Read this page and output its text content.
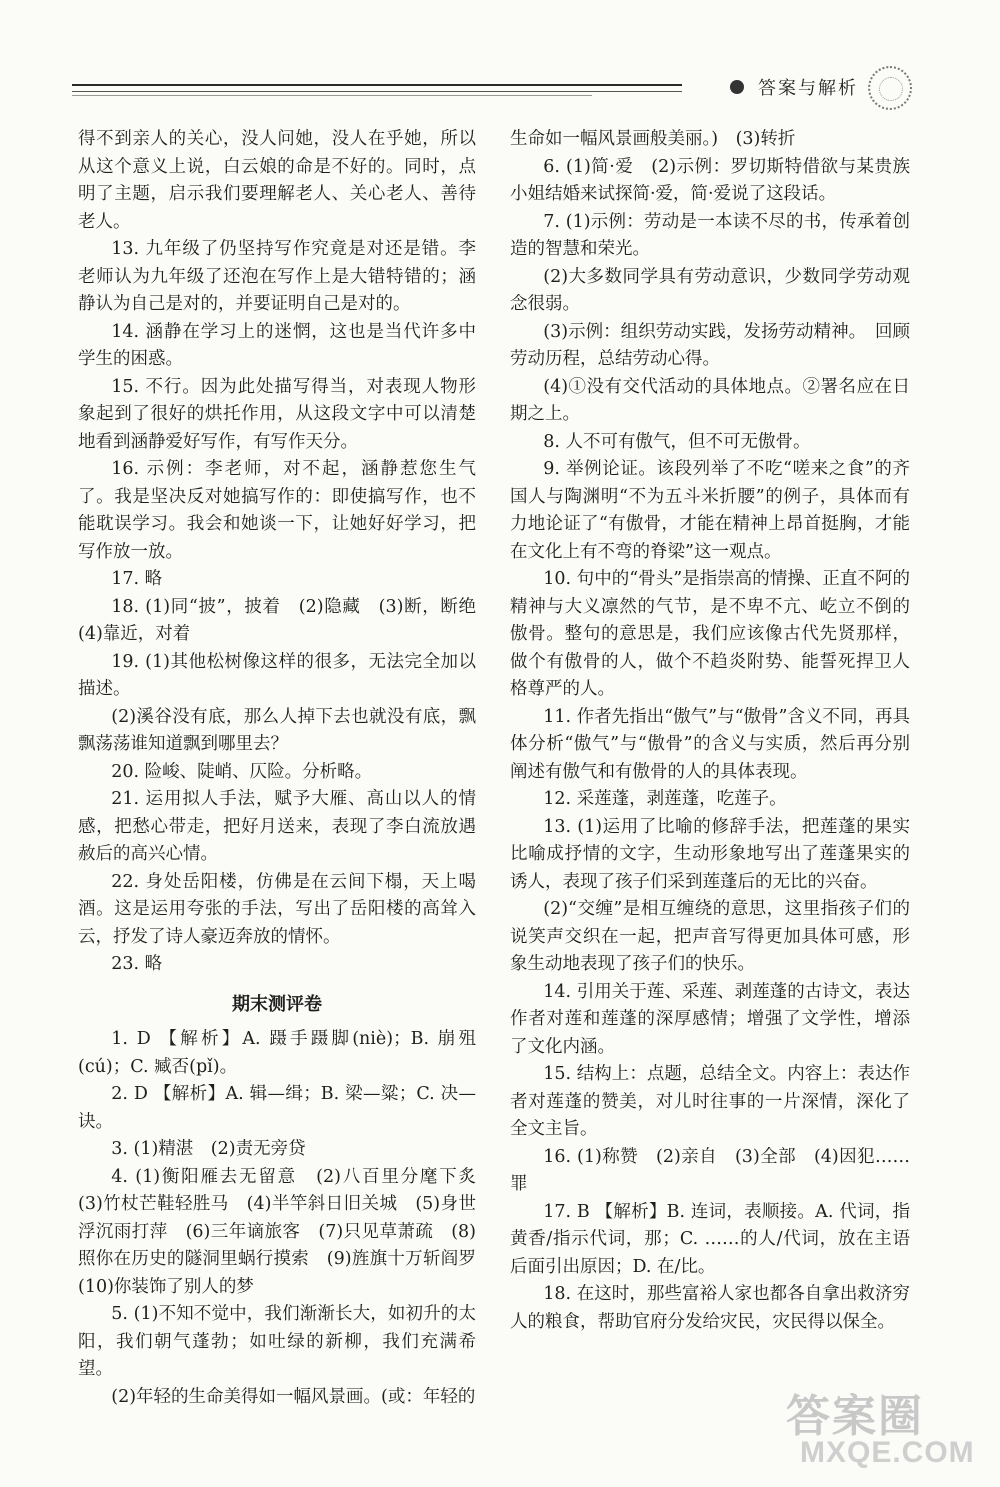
答案与解析

得不到亲人的关心，没人问她，没人在乎她，所以从这个意义上说，白云娘的命是不好的。同时，点明了主题，启示我们要理解老人、关心老人、善待老人。

13. 九年级了仍坚持写作究竟是对还是错。李老师认为九年级了还泡在写作上是大错特错的；涵静认为自己是对的，并要证明自己是对的。

14. 涵静在学习上的迷惘，这也是当代许多中学生的困惑。

15. 不行。因为此处描写得当，对表现人物形象起到了很好的烘托作用，从这段文字中可以清楚地看到涵静爱好写作，有写作天分。

16. 示例：李老师，对不起，涵静惹您生气了。我是坚决反对她搞写作的：即使搞写作，也不能耽误学习。我会和她谈一下，让她好好学习，把写作放一放。

17. 略

18. (1)同“披”，披着　(2)隐藏　(3)断，断绝　(4)靠近，对着

19. (1)其他松树像这样的很多，无法完全加以描述。

(2)溪谷没有底，那么人掉下去也就没有底，飘飘荡荡谁知道飘到哪里去？

20. 险峻、陡峭、仄险。分析略。

21. 运用拟人手法，赋予大雁、高山以人的情感，把愁心带走，把好月送来，表现了李白流放遇赦后的高兴心情。

22. 身处岳阳楼，仿佛是在云间下榻，天上喝酒。这是运用夸张的手法，写出了岳阳楼的高耸入云，抒发了诗人豪迈奔放的情怀。

23. 略

期末测评卷

1. D 【解析】A. 蹑手蹑脚(niè)；B. 崩殂(cú)；C. 臧否(pǐ)。

2. D 【解析】A. 辑—缉；B. 梁—粱；C. 决—诀。

3. (1)精湛　(2)责无旁贷

4. (1)衡阳雁去无留意　(2)八百里分麾下炙　(3)竹杖芒鞋轻胜马　(4)半竿斜日旧关城　(5)身世浮沉雨打萍　(6)三年谪旅客　(7)只见草萧疏　(8)照你在历史的隧洞里蜗行摸索　(9)旌旗十万斩阎罗　(10)你装饰了别人的梦

5. (1)不知不觉中，我们渐渐长大，如初升的太阳，我们朝气蓬勃；如吐绿的新柳，我们充满希望。

(2)年轻的生命美得如一幅风景画。(或：年轻的

生命如一幅风景画般美丽。)　(3)转折

6. (1)简·爱　(2)示例：罗切斯特借欲与某贵族小姐结婚来试探简·爱，简·爱说了这段话。

7. (1)示例：劳动是一本读不尽的书，传承着创造的智慧和荣光。

(2)大多数同学具有劳动意识，少数同学劳动观念很弱。

(3)示例：组织劳动实践，发扬劳动精神。　回顾劳动历程，总结劳动心得。

(4)①没有交代活动的具体地点。②署名应在日期之上。

8. 人不可有傲气，但不可无傲骨。

9. 举例论证。该段列举了不吃“嗟来之食”的齐国人与陶渊明“不为五斗米折腰”的例子，具体而有力地论证了“有傲骨，才能在精神上昂首挺胸，才能在文化上有不弯的脊梁”这一观点。

10. 句中的“骨头”是指崇高的情操、正直不阿的精神与大义凛然的气节，是不卑不亢、屹立不倒的傲骨。整句的意思是，我们应该像古代先贤那样，做个有傲骨的人，做个不趋炎附势、能誓死捍卫人格尊严的人。

11. 作者先指出“傲气”与“傲骨”含义不同，再具体分析“傲气”与“傲骨”的含义与实质，然后再分别阐述有傲气和有傲骨的人的具体表现。

12. 采莲蓬，剥莲蓬，吃莲子。

13. (1)运用了比喻的修辞手法，把莲蓬的果实比喻成抒情的文字，生动形象地写出了莲蓬果实的诱人，表现了孩子们采到莲蓬后的无比的兴奋。

(2)“交缠”是相互缠绕的意思，这里指孩子们的说笑声交织在一起，把声音写得更加具体可感，形象生动地表现了孩子们的快乐。

14. 引用关于莲、采莲、剥莲蓬的古诗文，表达作者对莲和莲蓬的深厚感情；增强了文学性，增添了文化内涵。

15. 结构上：点题，总结全文。内容上：表达作者对莲蓬的赞美，对儿时往事的一片深情，深化了全文主旨。

16. (1)称赞　(2)亲自　(3)全部　(4)因犯……罪

17. B 【解析】B. 连词，表顺接。A. 代词，指黄香/指示代词，那；C. ……的人/代词，放在主语后面引出原因；D. 在/比。

18. 在这时，那些富裕人家也都各自拿出救济穷人的粮食，帮助官府分发给灾民，灾民得以保全。

答案圈
MXQE.COM
